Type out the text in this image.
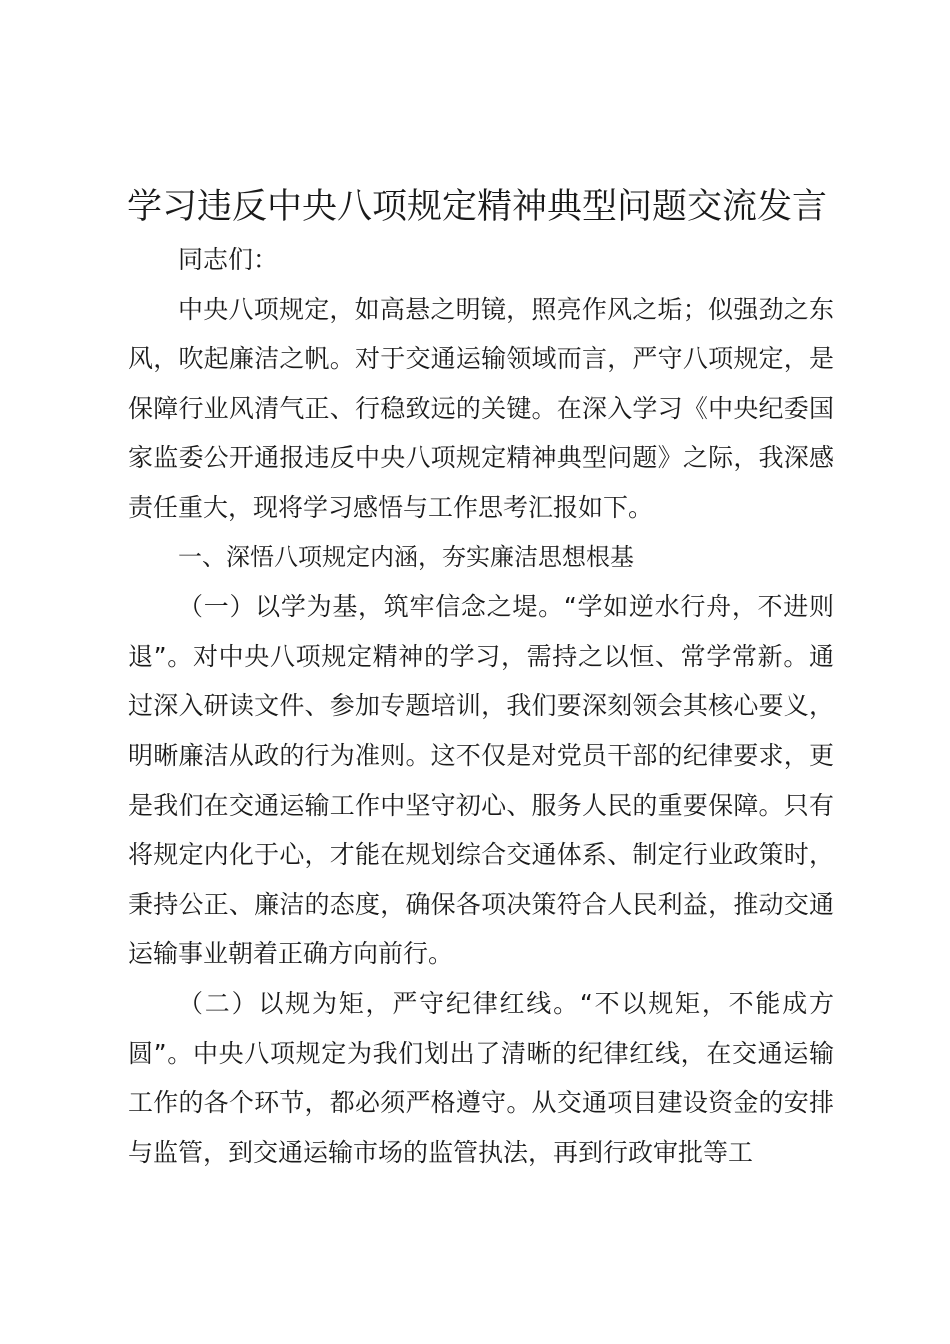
学习违反中央八项规定精神典型问题交流发言

同志们：

中央八项规定，如高悬之明镜，照亮作风之垢；似强劲之东风，吹起廉洁之帆。对于交通运输领域而言，严守八项规定，是保障行业风清气正、行稳致远的关键。在深入学习《中央纪委国家监委公开通报违反中央八项规定精神典型问题》之际，我深感责任重大，现将学习感悟与工作思考汇报如下。

一、深悟八项规定内涵，夯实廉洁思想根基

（一）以学为基，筑牢信念之堤。“学如逆水行舟，不进则退”。对中央八项规定精神的学习，需持之以恒、常学常新。通过深入研读文件、参加专题培训，我们要深刻领会其核心要义，明晰廉洁从政的行为准则。这不仅是对党员干部的纪律要求，更是我们在交通运输工作中坚守初心、服务人民的重要保障。只有将规定内化于心，才能在规划综合交通体系、制定行业政策时，秉持公正、廉洁的态度，确保各项决策符合人民利益，推动交通运输事业朝着正确方向前行。

（二）以规为矩，严守纪律红线。“不以规矩，不能成方圆”。中央八项规定为我们划出了清晰的纪律红线，在交通运输工作的各个环节，都必须严格遵守。从交通项目建设资金的安排与监管，到交通运输市场的监管执法，再到行政审批等工
